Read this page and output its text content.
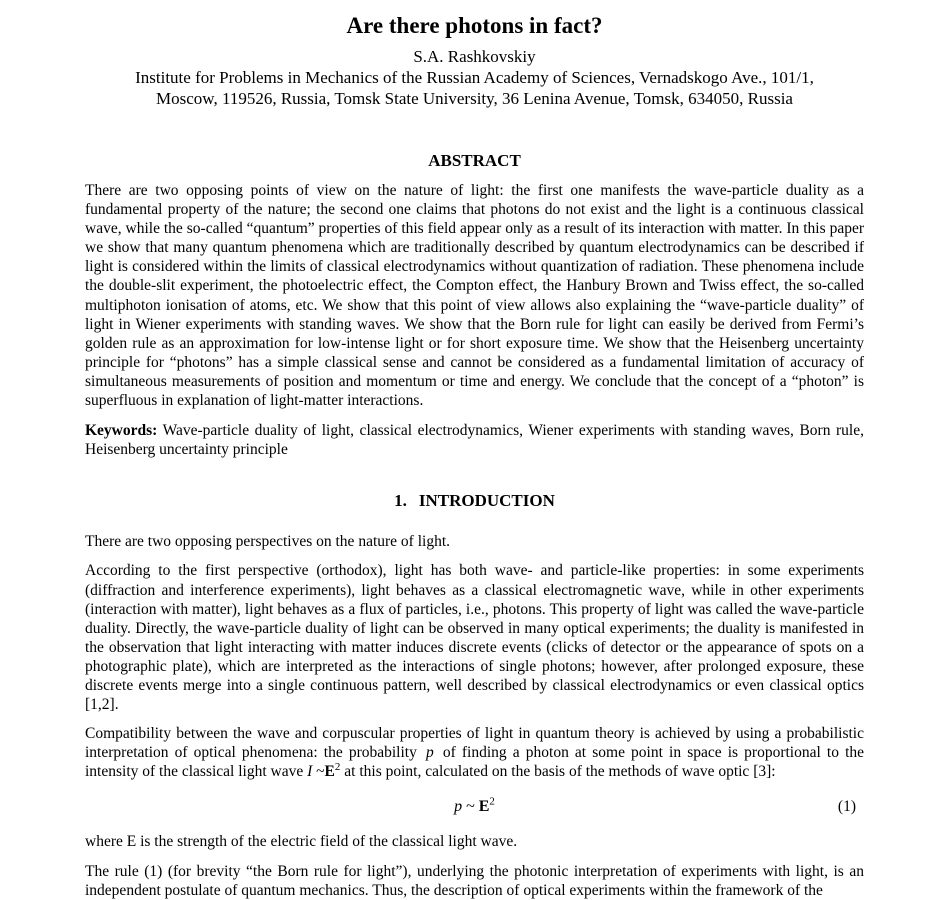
Are there photons in fact?
S.A. Rashkovskiy
Institute for Problems in Mechanics of the Russian Academy of Sciences, Vernadskogo Ave., 101/1,
Moscow, 119526, Russia, Tomsk State University, 36 Lenina Avenue, Tomsk, 634050, Russia
ABSTRACT
There are two opposing points of view on the nature of light: the first one manifests the wave-particle duality as a fundamental property of the nature; the second one claims that photons do not exist and the light is a continuous classical wave, while the so-called “quantum” properties of this field appear only as a result of its interaction with matter. In this paper we show that many quantum phenomena which are traditionally described by quantum electrodynamics can be described if light is considered within the limits of classical electrodynamics without quantization of radiation. These phenomena include the double-slit experiment, the photoelectric effect, the Compton effect, the Hanbury Brown and Twiss effect, the so-called multiphoton ionisation of atoms, etc. We show that this point of view allows also explaining the “wave-particle duality” of light in Wiener experiments with standing waves. We show that the Born rule for light can easily be derived from Fermi’s golden rule as an approximation for low-intense light or for short exposure time. We show that the Heisenberg uncertainty principle for “photons” has a simple classical sense and cannot be considered as a fundamental limitation of accuracy of simultaneous measurements of position and momentum or time and energy. We conclude that the concept of a “photon” is superfluous in explanation of light-matter interactions.
Keywords: Wave-particle duality of light, classical electrodynamics, Wiener experiments with standing waves, Born rule, Heisenberg uncertainty principle
1. INTRODUCTION
There are two opposing perspectives on the nature of light.
According to the first perspective (orthodox), light has both wave- and particle-like properties: in some experiments (diffraction and interference experiments), light behaves as a classical electromagnetic wave, while in other experiments (interaction with matter), light behaves as a flux of particles, i.e., photons. This property of light was called the wave-particle duality. Directly, the wave-particle duality of light can be observed in many optical experiments; the duality is manifested in the observation that light interacting with matter induces discrete events (clicks of detector or the appearance of spots on a photographic plate), which are interpreted as the interactions of single photons; however, after prolonged exposure, these discrete events merge into a single continuous pattern, well described by classical electrodynamics or even classical optics [1,2].
Compatibility between the wave and corpuscular properties of light in quantum theory is achieved by using a probabilistic interpretation of optical phenomena: the probability p of finding a photon at some point in space is proportional to the intensity of the classical light wave I $\sim E^2$ at this point, calculated on the basis of the methods of wave optic [3]:
p ~ $E^2$	(1)
where E is the strength of the electric field of the classical light wave.
The rule (1) (for brevity “the Born rule for light”), underlying the photonic interpretation of experiments with light, is an independent postulate of quantum mechanics. Thus, the description of optical experiments within the framework of the
